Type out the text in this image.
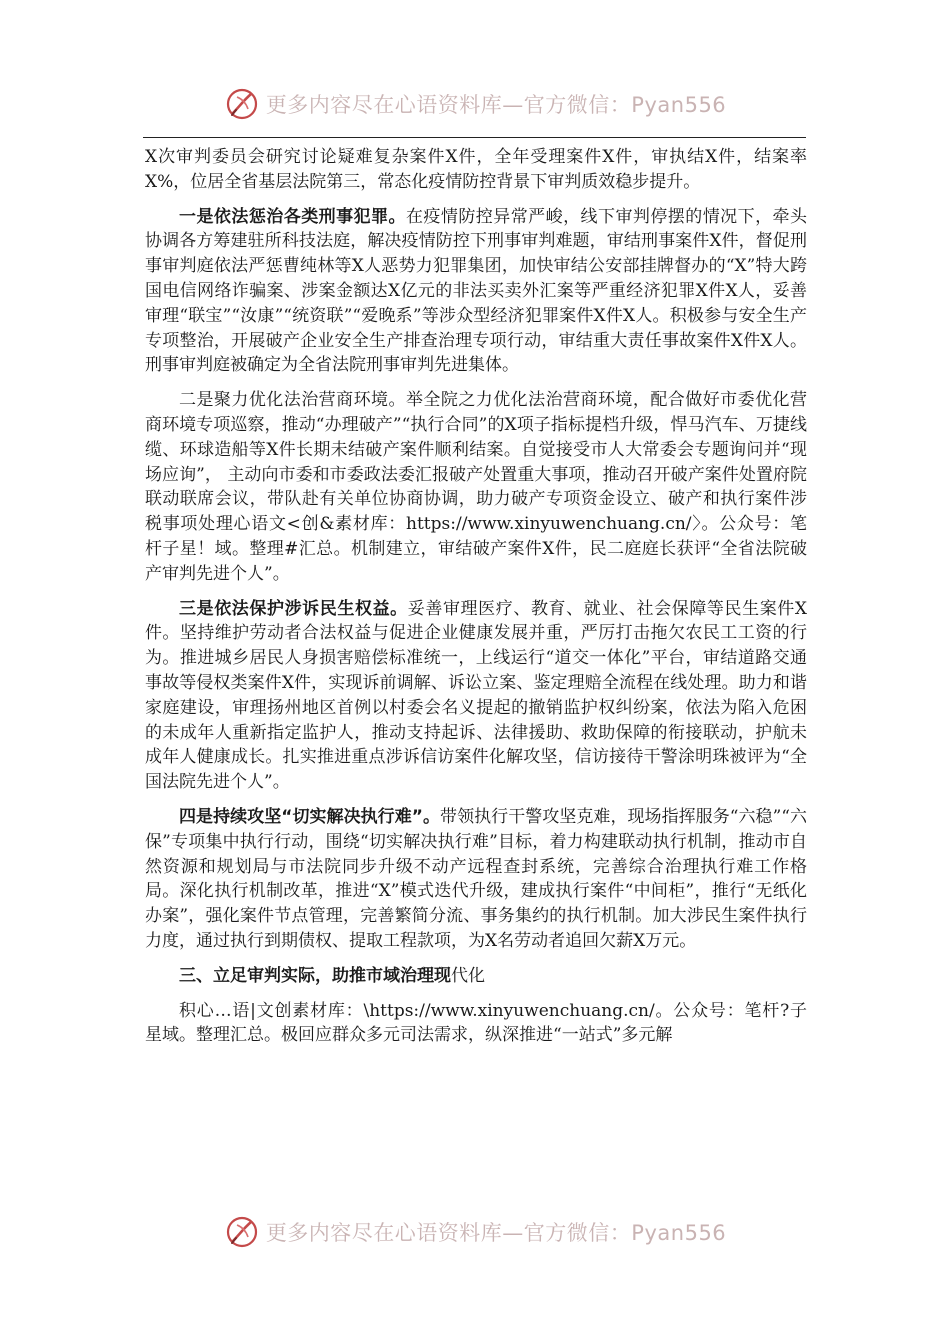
更多内容尽在心语资料库—官方微信：Pyan556

X次审判委员会研究讨论疑难复杂案件X件，全年受理案件X件，审执结X件，结案率X%，位居全省基层法院第三，常态化疫情防控背景下审判质效稳步提升。

一是依法惩治各类刑事犯罪。在疫情防控异常严峻，线下审判停摆的情况下，牵头协调各方筹建驻所科技法庭，解决疫情防控下刑事审判难题，审结刑事案件X件，督促刑事审判庭依法严惩曹纯林等X人恶势力犯罪集团，加快审结公安部挂牌督办的“X”特大跨国电信网络诈骗案、涉案金额达X亿元的非法买卖外汇案等严重经济犯罪X件X人，妥善审理“联宝”“汝康”“统资联”“爱晚系”等涉众型经济犯罪案件X件X人。积极参与安全生产专项整治，开展破产企业安全生产排查治理专项行动，审结重大责任事故案件X件X人。刑事审判庭被确定为全省法院刑事审判先进集体。

二是聚力优化法治营商环境。举全院之力优化法治营商环境，配合做好市委优化营商环境专项巡察，推动“办理破产”“执行合同”的X项子指标提档升级，悍马汽车、万捷线缆、环球造船等X件长期未结破产案件顺利结案。自觉接受市人大常委会专题询问并“现场应询”， 主动向市委和市委政法委汇报破产处置重大事项，推动召开破产案件处置府院联动联席会议，带队赴有关单位协商协调，助力破产专项资金设立、破产和执行案件涉税事项处理心语文<创&素材库：https://www.xinyuwenchuang.cn/〉。公众号：笔杆子星！域。整理#汇总。机制建立，审结破产案件X件，民二庭庭长获评“全省法院破产审判先进个人”。

三是依法保护涉诉民生权益。妥善审理医疗、教育、就业、社会保障等民生案件X件。坚持维护劳动者合法权益与促进企业健康发展并重，严厉打击拖欠农民工工资的行为。推进城乡居民人身损害赔偿标准统一，上线运行“道交一体化”平台，审结道路交通事故等侵权类案件X件，实现诉前调解、诉讼立案、鉴定理赔全流程在线处理。助力和谐家庭建设，审理扬州地区首例以村委会名义提起的撤销监护权纠纷案，依法为陷入危困的未成年人重新指定监护人，推动支持起诉、法律援助、救助保障的衔接联动，护航未成年人健康成长。扎实推进重点涉诉信访案件化解攻坚，信访接待干警涂明珠被评为“全国法院先进个人”。

四是持续攻坚“切实解决执行难”。带领执行干警攻坚克难，现场指挥服务“六稳”“六保”专项集中执行行动，围绕“切实解决执行难”目标，着力构建联动执行机制，推动市自然资源和规划局与市法院同步升级不动产远程查封系统，完善综合治理执行难工作格局。深化执行机制改革，推进“X”模式迭代升级，建成执行案件“中间柜”，推行“无纸化办案”，强化案件节点管理，完善繁简分流、事务集约的执行机制。加大涉民生案件执行力度，通过执行到期债权、提取工程款项，为X名劳动者追回欠薪X万元。

三、立足审判实际，助推市域治理现代化

积心…语|文创素材库：\https://www.xinyuwenchuang.cn/。公众号：笔杆?子星域。整理汇总。极回应群众多元司法需求，纵深推进“一站式”多元解

更多内容尽在心语资料库—官方微信：Pyan556
